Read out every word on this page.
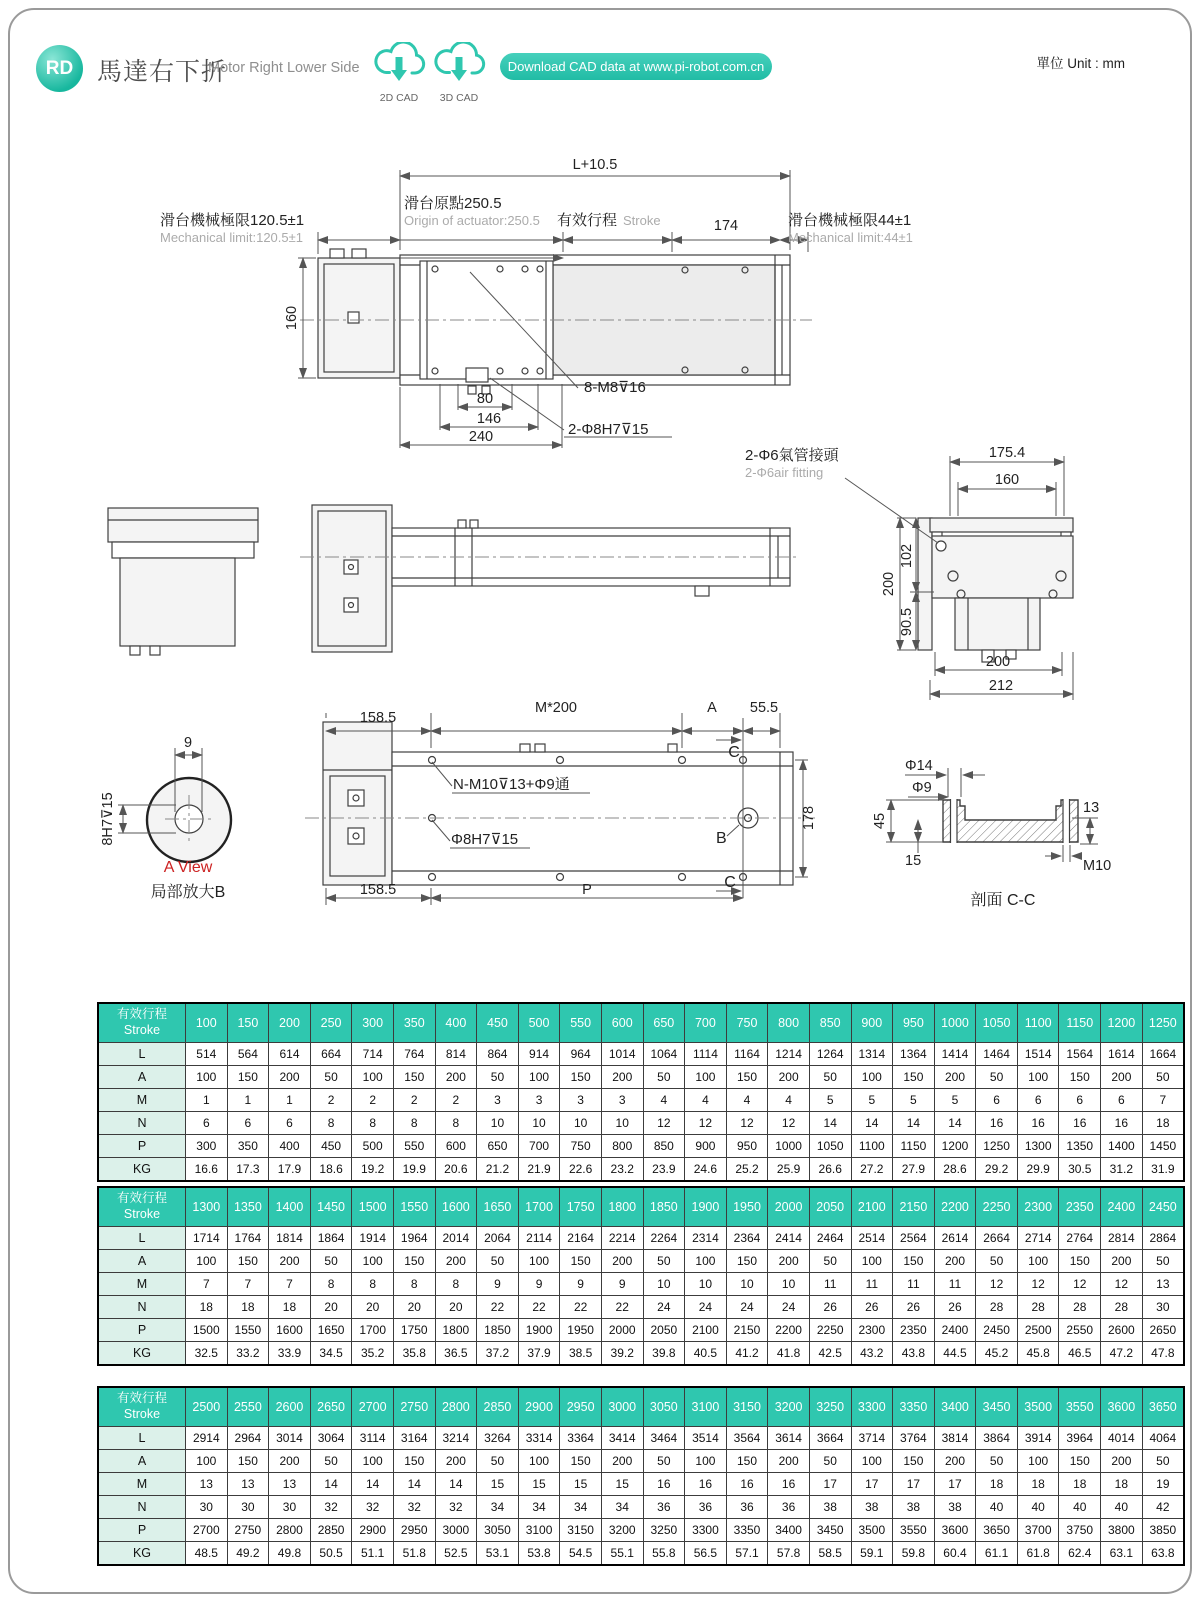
RD 馬達右下折
Motor Right Lower Side
2D CAD	3D CAD
Download CAD data at www.pi-robot.com.cn	單位 Unit : mm
L+10.5
滑台原點250.5
Origin of actuator:250.5
滑台機械極限120.5±1
Mechanical limit:120.5±1
有效行程 Stroke	174	滑台機械極限44±1
Mechanical limit:44±1
160
80
146
240
8-M8⊽16
2-Φ8H7⊽15
2-Φ6氣管接頭
2-Φ6air fitting
175.4
160
200
102
90.5
200
212
9
8H7⊽15
A View
局部放大B
158.5
M*200	A 55.5
C
N-M10⊽13+Φ9通
Φ8H7⊽15	B
178
158.5	P	C
Φ14
Φ9
45
15
13
M10
剖面 C-C
有效行程
Stroke	100	150	200	250	300	350	400	450	500	550	600	650	700	750	800	850	900	950	1000	1050	1100	1150	1200	1250
L	514	564	614	664	714	764	814	864	914	964	1014	1064	1114	1164	1214	1264	1314	1364	1414	1464	1514	1564	1614	1664
A	100	150	200	50	100	150	200	50	100	150	200	50	100	150	200	50	100	150	200	50	100	150	200	50
M	1	1	1	2	2	2	2	3	3	3	3	4	4	4	4	5	5	5	5	6	6	6	6	7
N	6	6	6	8	8	8	8	10	10	10	10	12	12	12	12	14	14	14	14	16	16	16	16	18
P	300	350	400	450	500	550	600	650	700	750	800	850	900	950	1000	1050	1100	1150	1200	1250	1300	1350	1400	1450
KG	16.6	17.3	17.9	18.6	19.2	19.9	20.6	21.2	21.9	22.6	23.2	23.9	24.6	25.2	25.9	26.6	27.2	27.9	28.6	29.2	29.9	30.5	31.2	31.9
有效行程
Stroke	1300	1350	1400	1450	1500	1550	1600	1650	1700	1750	1800	1850	1900	1950	2000	2050	2100	2150	2200	2250	2300	2350	2400	2450
L	1714	1764	1814	1864	1914	1964	2014	2064	2114	2164	2214	2264	2314	2364	2414	2464	2514	2564	2614	2664	2714	2764	2814	2864
A	100	150	200	50	100	150	200	50	100	150	200	50	100	150	200	50	100	150	200	50	100	150	200	50
M	7	7	7	8	8	8	8	9	9	9	9	10	10	10	10	11	11	11	11	12	12	12	12	13
N	18	18	18	20	20	20	20	22	22	22	22	24	24	24	24	26	26	26	26	28	28	28	28	30
P	1500	1550	1600	1650	1700	1750	1800	1850	1900	1950	2000	2050	2100	2150	2200	2250	2300	2350	2400	2450	2500	2550	2600	2650
KG	32.5	33.2	33.9	34.5	35.2	35.8	36.5	37.2	37.9	38.5	39.2	39.8	40.5	41.2	41.8	42.5	43.2	43.8	44.5	45.2	45.8	46.5	47.2	47.8
有效行程
Stroke	2500	2550	2600	2650	2700	2750	2800	2850	2900	2950	3000	3050	3100	3150	3200	3250	3300	3350	3400	3450	3500	3550	3600	3650
L	2914	2964	3014	3064	3114	3164	3214	3264	3314	3364	3414	3464	3514	3564	3614	3664	3714	3764	3814	3864	3914	3964	4014	4064
A	100	150	200	50	100	150	200	50	100	150	200	50	100	150	200	50	100	150	200	50	100	150	200	50
M	13	13	13	14	14	14	14	15	15	15	15	16	16	16	16	17	17	17	17	18	18	18	18	19
N	30	30	30	32	32	32	32	34	34	34	34	36	36	36	36	38	38	38	38	40	40	40	40	42
P	2700	2750	2800	2850	2900	2950	3000	3050	3100	3150	3200	3250	3300	3350	3400	3450	3500	3550	3600	3650	3700	3750	3800	3850
KG	48.5	49.2	49.8	50.5	51.1	51.8	52.5	53.1	53.8	54.5	55.1	55.8	56.5	57.1	57.8	58.5	59.1	59.8	60.4	61.1	61.8	62.4	63.1	63.8
